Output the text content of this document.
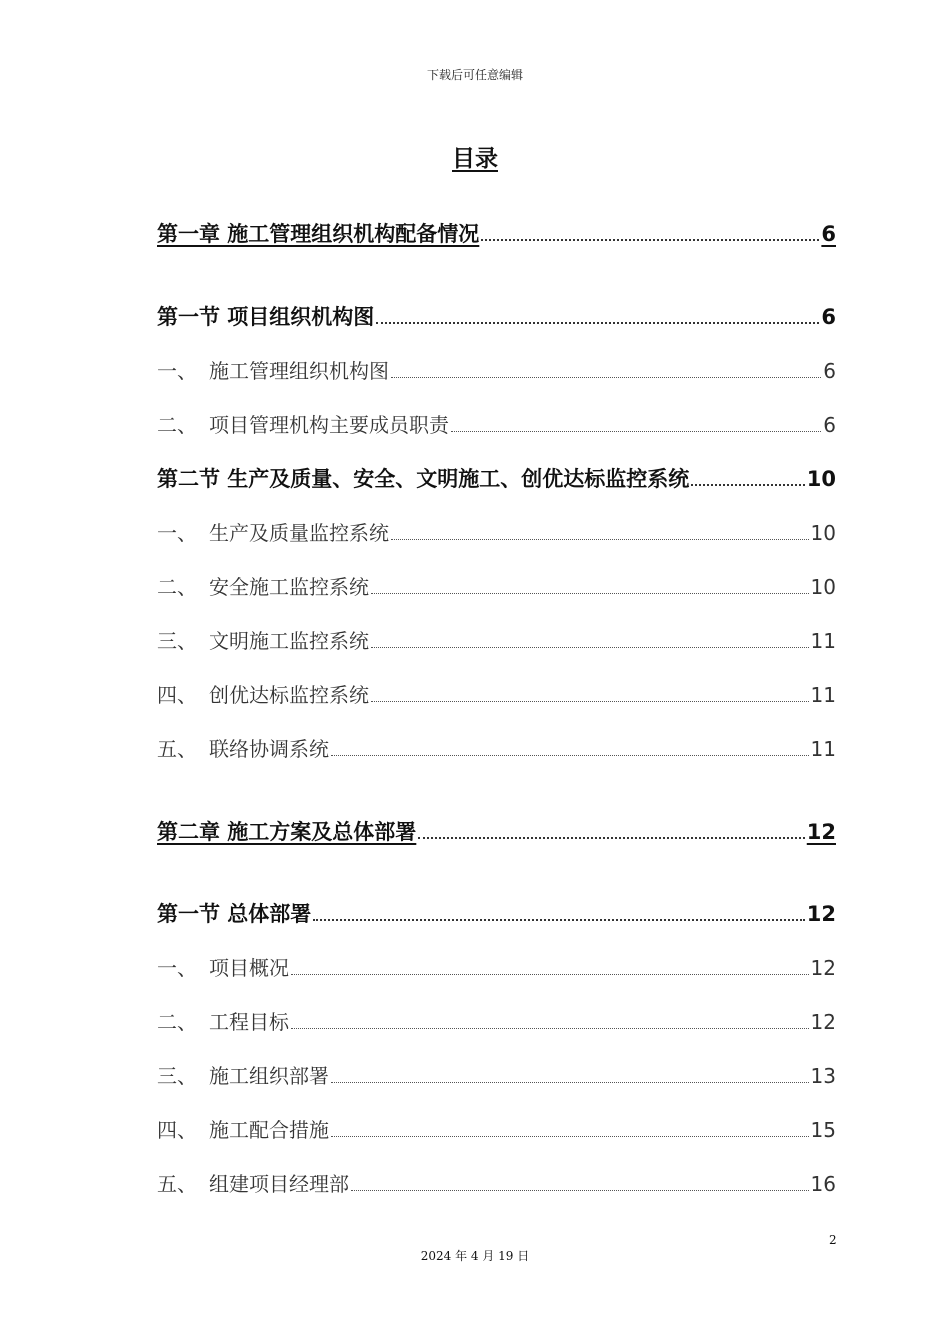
下载后可任意编辑
目录
第一章 施工管理组织机构配备情况	6
第一节 项目组织机构图	6
一、 施工管理组织机构图	6
二、 项目管理机构主要成员职责	6
第二节 生产及质量、安全、文明施工、创优达标监控系统	10
一、 生产及质量监控系统	10
二、 安全施工监控系统	10
三、 文明施工监控系统	11
四、 创优达标监控系统	11
五、 联络协调系统	11
第二章 施工方案及总体部署	12
第一节 总体部署	12
一、 项目概况	12
二、 工程目标	12
三、 施工组织部署	13
四、 施工配合措施	15
五、 组建项目经理部	16
2
2024 年 4 月 19 日
